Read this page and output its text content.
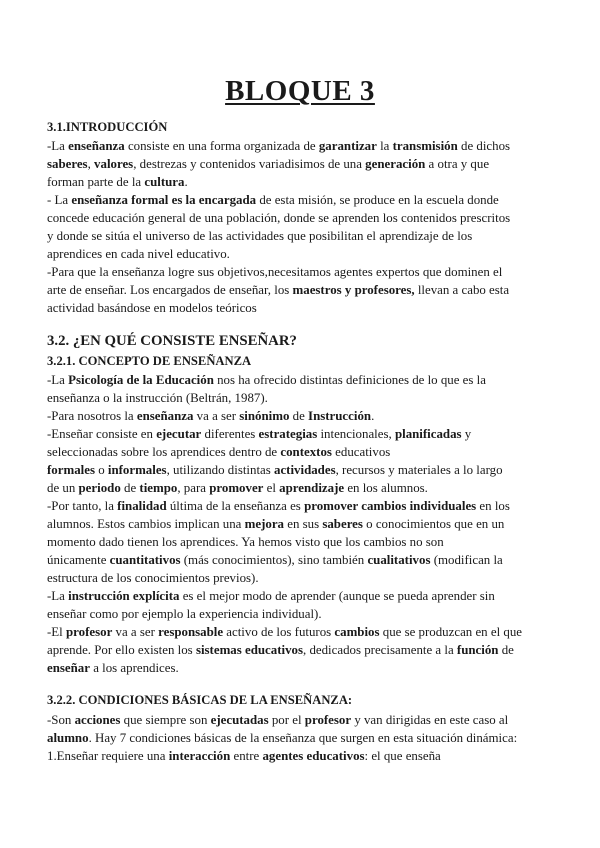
BLOQUE 3
3.1.INTRODUCCIÓN
3.2. ¿EN QUÉ CONSISTE ENSEÑAR?
3.2.1. CONCEPTO DE ENSEÑANZA
3.2.2. CONDICIONES BÁSICAS DE LA ENSEÑANZA:
-La enseñanza consiste en una forma organizada de garantizar la transmisión de dichos
saberes, valores, destrezas y contenidos variadisimos de una generación a otra y que
forman parte de la cultura.
- La enseñanza formal es la encargada de esta misión, se produce en la escuela donde
concede educación general de una población, donde se aprenden los contenidos prescritos
y donde se sitúa el universo de las actividades que posibilitan el aprendizaje de los
aprendices en cada nivel educativo.
-Para que la enseñanza logre sus objetivos,necesitamos agentes expertos que dominen el
arte de enseñar. Los encargados de enseñar, los maestros y profesores, llevan a cabo esta
actividad basándose en modelos teóricos
-La Psicología de la Educación nos ha ofrecido distintas definiciones de lo que es la
enseñanza o la instrucción (Beltrán, 1987).
-Para nosotros la enseñanza va a ser sinónimo de Instrucción.
-Enseñar consiste en ejecutar diferentes estrategias intencionales, planificadas y
seleccionadas sobre los aprendices dentro de contextos educativos
formales o informales, utilizando distintas actividades, recursos y materiales a lo largo
de un periodo de tiempo, para promover el aprendizaje en los alumnos.
-Por tanto, la finalidad última de la enseñanza es promover cambios individuales en los
alumnos. Estos cambios implican una mejora en sus saberes o conocimientos que en un
momento dado tienen los aprendices. Ya hemos visto que los cambios no son
únicamente cuantitativos (más conocimientos), sino también cualitativos (modifican la
estructura de los conocimientos previos).
-La instrucción explícita es el mejor modo de aprender (aunque se pueda aprender sin
enseñar como por ejemplo la experiencia individual).
-El profesor va a ser responsable activo de los futuros cambios que se produzcan en el que
aprende. Por ello existen los sistemas educativos, dedicados precisamente a la función de
enseñar a los aprendices.
-Son acciones que siempre son ejecutadas por el profesor y van dirigidas en este caso al
alumno. Hay 7 condiciones básicas de la enseñanza que surgen en esta situación dinámica:
1.Enseñar requiere una interacción entre agentes educativos: el que enseña
